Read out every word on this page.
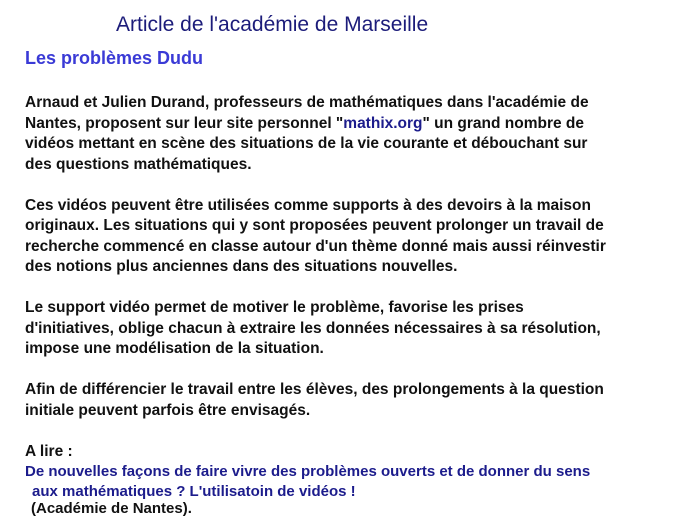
Article de l'académie de Marseille
Les problèmes Dudu

Arnaud et Julien Durand, professeurs de mathématiques dans l'académie de
Nantes, proposent sur leur site personnel "mathix.org" un grand nombre de
vidéos mettant en scène des situations de la vie courante et débouchant sur
des questions mathématiques.

Ces vidéos peuvent être utilisées comme supports à des devoirs à la maison
originaux. Les situations qui y sont proposées peuvent prolonger un travail de
recherche commencé en classe autour d'un thème donné mais aussi réinvestir
des notions plus anciennes dans des situations nouvelles.

Le support vidéo permet de motiver le problème, favorise les prises
d'initiatives, oblige chacun à extraire les données nécessaires à sa résolution,
impose une modélisation de la situation.

Afin de différencier le travail entre les élèves, des prolongements à la question
initiale peuvent parfois être envisagés.

A lire :
De nouvelles façons de faire vivre des problèmes ouverts et de donner du sens
aux mathématiques ? L'utilisatoin de vidéos !
(Académie de Nantes).
